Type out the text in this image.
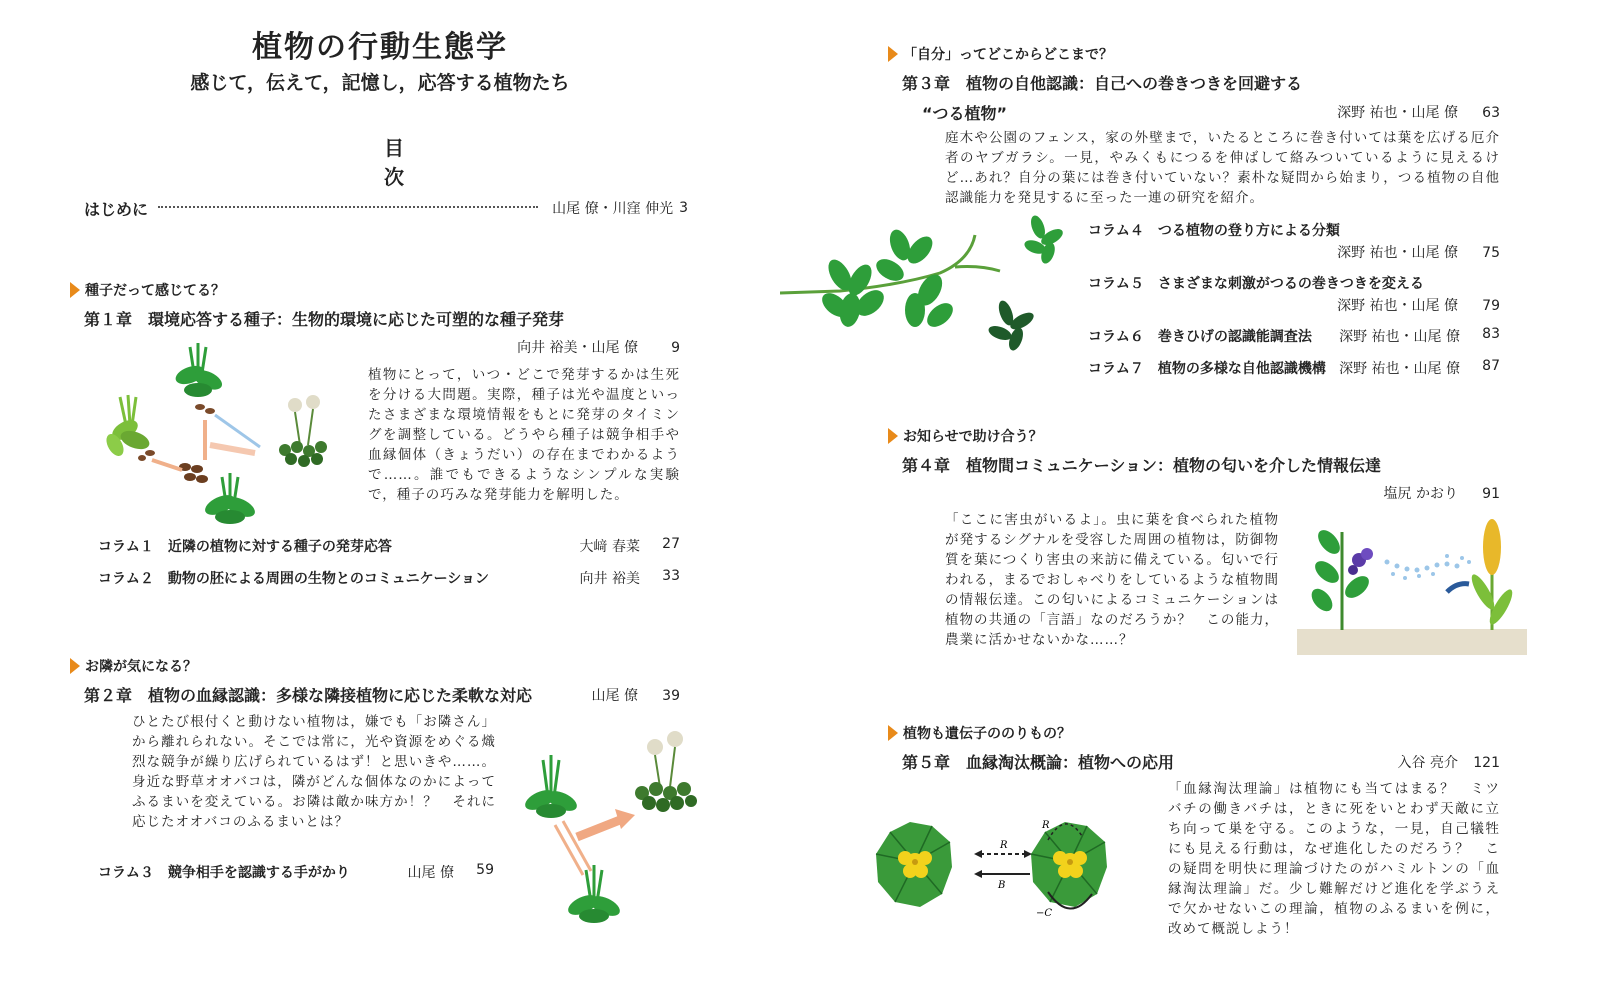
植物の行動生態学
感じて，伝えて，記憶し，応答する植物たち
目 次
はじめに	山尾 僚・川窪 伸光 3
種子だって感じてる？
第１章　環境応答する種子：生物的環境に応じた可塑的な種子発芽
向井 裕美・山尾 僚 9
植物にとって，いつ・どこで発芽するかは生死を分ける大問題。実際，種子は光や温度といったさまざまな環境情報をもとに発芽のタイミングを調整している。どうやら種子は競争相手や血縁個体（きょうだい）の存在までわかるようで……。誰でもできるようなシンプルな実験で，種子の巧みな発芽能力を解明した。
コラム１　近隣の植物に対する種子の発芽応答	大﨑 春菜	27
コラム２　動物の胚による周囲の生物とのコミュニケーション	向井 裕美	33
お隣が気になる？
第２章　植物の血縁認識：多様な隣接植物に応じた柔軟な対応	山尾 僚 39
ひとたび根付くと動けない植物は，嫌でも「お隣さん」から離れられない。そこでは常に，光や資源をめぐる熾烈な競争が繰り広げられているはず！と思いきや……。身近な野草オオバコは，隣がどんな個体なのかによってふるまいを変えている。お隣は敵か味方か！？　それに応じたオオバコのふるまいとは？
コラム３　競争相手を認識する手がかり	山尾 僚	59
「自分」ってどこからどこまで？
第３章　植物の自他認識：自己への巻きつきを回避する
“つる植物”	深野 祐也・山尾 僚 63
庭木や公園のフェンス，家の外壁まで，いたるところに巻き付いては葉を広げる厄介者のヤブガラシ。一見，やみくもにつるを伸ばして絡みついているように見えるけど…あれ？自分の葉には巻き付いていない？素朴な疑問から始まり，つる植物の自他認識能力を発見するに至った一連の研究を紹介。
コラム４　つる植物の登り方による分類
深野 祐也・山尾 僚 75
コラム５　さまざまな刺激がつるの巻きつきを変える
深野 祐也・山尾 僚 79
コラム６　巻きひげの認識能調査法	深野 祐也・山尾 僚	83
コラム７　植物の多様な自他認識機構 深野 祐也・山尾 僚	87
お知らせで助け合う？
第４章　植物間コミュニケーション：植物の匂いを介した情報伝達
塩尻 かおり 91
「ここに害虫がいるよ」。虫に葉を食べられた植物が発するシグナルを受容した周囲の植物は，防御物質を葉につくり害虫の来訪に備えている。匂いで行われる，まるでおしゃべりをしているような植物間の情報伝達。この匂いによるコミュニケーションは植物の共通の「言語」なのだろうか？　この能力，農業に活かせないかな……？
植物も遺伝子ののりもの？
第５章　血縁淘汰概論：植物への応用	入谷 亮介 121
「血縁淘汰理論」は植物にも当てはまる？　ミツバチの働きバチは，ときに死をいとわず天敵に立ち向って巣を守る。このような，一見，自己犠牲にも見える行動は，なぜ進化したのだろう？　この疑問を明快に理論づけたのがハミルトンの「血縁淘汰理論」だ。少し難解だけど進化を学ぶうえで欠かせないこの理論，植物のふるまいを例に，改めて概説しよう！
R
B
R
−C
